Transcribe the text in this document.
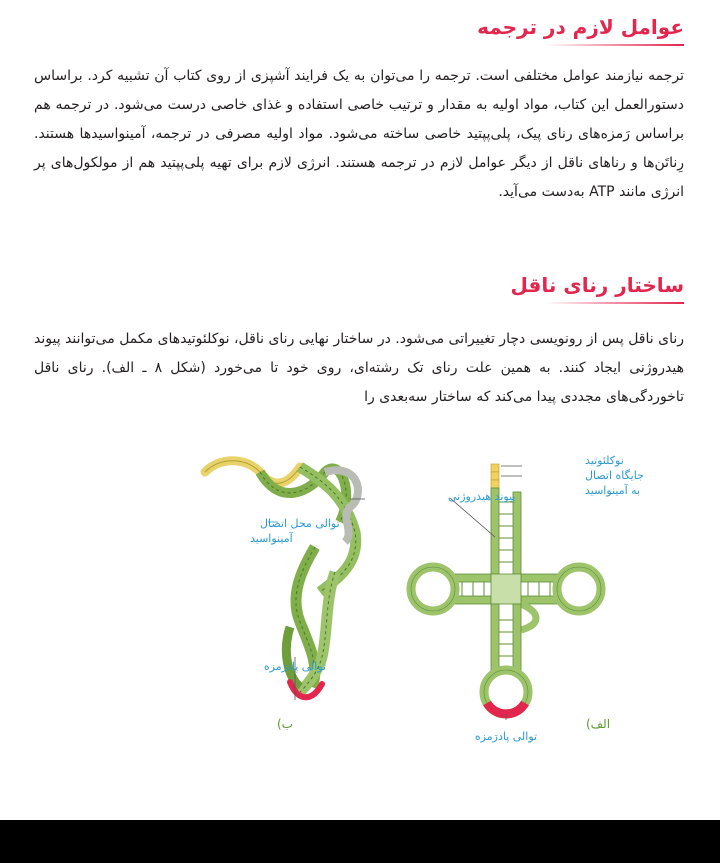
عوامل لازم در ترجمه

ترجمه نیازمند عوامل مختلفی است. ترجمه را می‌توان به یک فرایند آشپزی از روی کتاب آن تشبیه کرد. براساس دستورالعمل این کتاب، مواد اولیه به مقدار و ترتیب خاصی استفاده و غذای خاصی درست می‌شود. در ترجمه هم براساس رَمزه‌های رنای پیک، پلی‌پپتید خاصی ساخته می‌شود. مواد اولیه مصرفی در ترجمه، آمینواسیدها هستند. رِناتَن‌ها و رناهای ناقل از دیگر عوامل لازم در ترجمه هستند. انرژی لازم برای تهیه پلی‌پپتید هم از مولکول‌های پر انرژی مانند ATP به‌دست می‌آید.

ساختار رنای ناقل

رنای ناقل پس از رونویسی دچار تغییراتی می‌شود. در ساختار نهایی رنای ناقل، نوکلئوتیدهای مکمل می‌توانند پیوند هیدروژنی ایجاد کنند. به همین علت رنای تک رشته‌ای، روی خود تا می‌خورد (شکل ۸ ـ الف). رنای ناقل تاخوردگی‌های مجددی پیدا می‌کند که ساختار سه‌بعدی را

توالی محل اتصال
آمینواسید
توالی پادرَمزه
ب)
نوکلئوتید
جایگاه اتصال
به آمینواسید
پیوند هیدروژنی
توالی پادرَمزه
الف)
